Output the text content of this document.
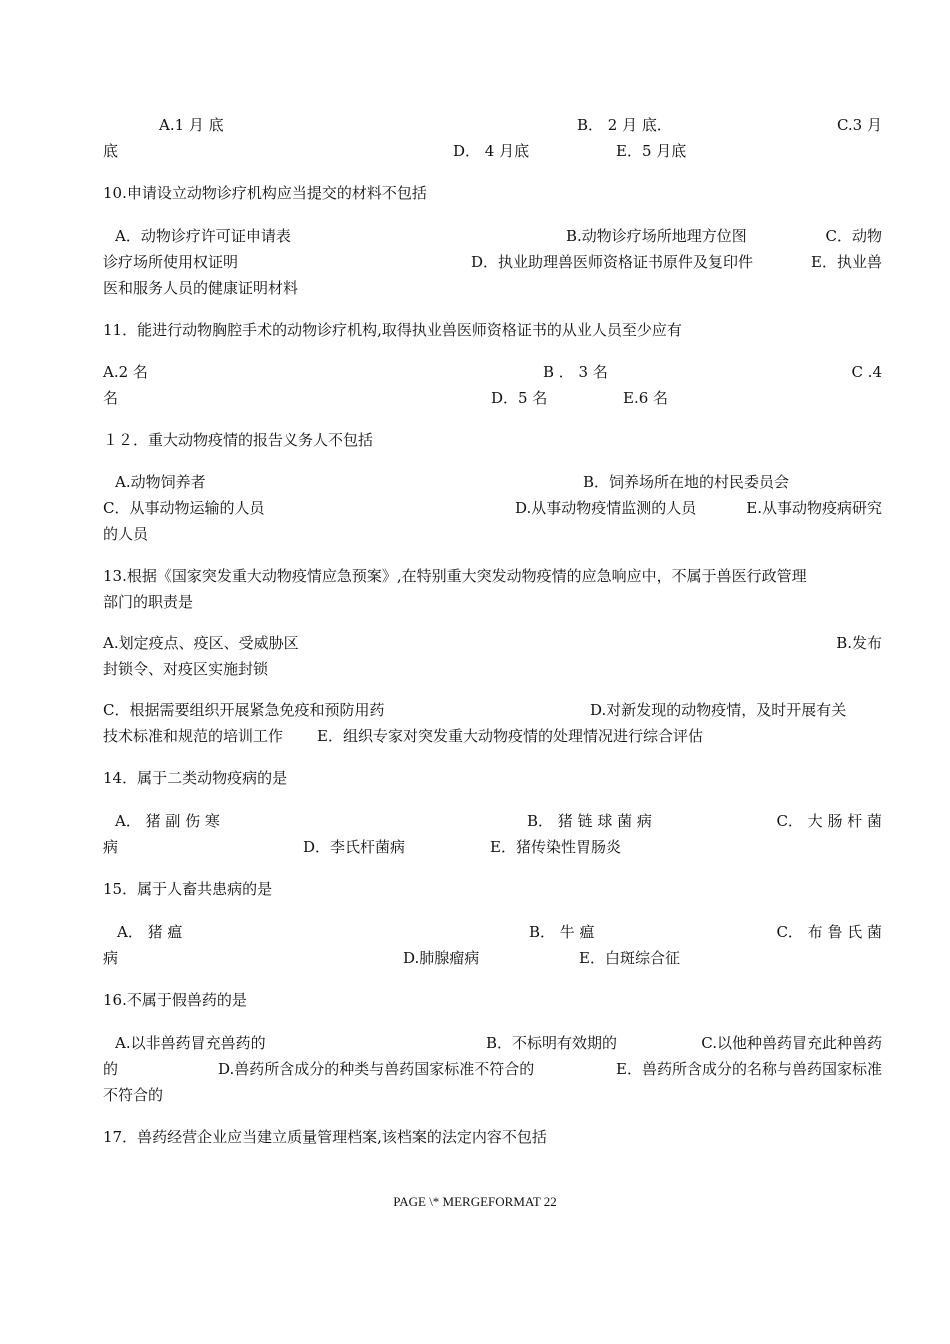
A.1 月 底	B． 2 月 底．	C.3 月
底	D． 4 月底	E．5 月底
10.申请设立动物诊疗机构应当提交的材料不包括
A．动物诊疗许可证申请表	B.动物诊疗场所地理方位图	C．动物
诊疗场所使用权证明	D．执业助理兽医师资格证书原件及复印件	E．执业兽
医和服务人员的健康证明材料
11．能进行动物胸腔手术的动物诊疗机构,取得执业兽医师资格证书的从业人员至少应有
A.2 名	B ． 3 名	C .4
名	D．5 名	E.6 名
１２．重大动物疫情的报告义务人不包括
A.动物饲养者	B．饲养场所在地的村民委员会
C．从事动物运输的人员	D.从事动物疫情监测的人员	E.从事动物疫病研究
的人员
13.根据《国家突发重大动物疫情应急预案》,在特别重大突发动物疫情的应急响应中，不属于兽医行政管理
部门的职责是
A.划定疫点、疫区、受威胁区	B.发布
封锁令、对疫区实施封锁
C．根据需要组织开展紧急免疫和预防用药	D.对新发现的动物疫情，及时开展有关
技术标准和规范的培训工作 E．组织专家对突发重大动物疫情的处理情况进行综合评估
14．属于二类动物疫病的是
A． 猪 副 伤 寒	B． 猪 链 球 菌 病	C． 大 肠 杆 菌
病	D．李氏杆菌病	E．猪传染性胃肠炎
15．属于人畜共患病的是
A． 猪 瘟	B． 牛 瘟	C． 布 鲁 氏 菌
病	D.肺腺瘤病	E．白斑综合征
16.不属于假兽药的是
A.以非兽药冒充兽药的	B．不标明有效期的	C.以他种兽药冒充此种兽药
的	D.兽药所含成分的种类与兽药国家标准不符合的	E．兽药所含成分的名称与兽药国家标准
不符合的
17．兽药经营企业应当建立质量管理档案,该档案的法定内容不包括
PAGE \* MERGEFORMAT 22
